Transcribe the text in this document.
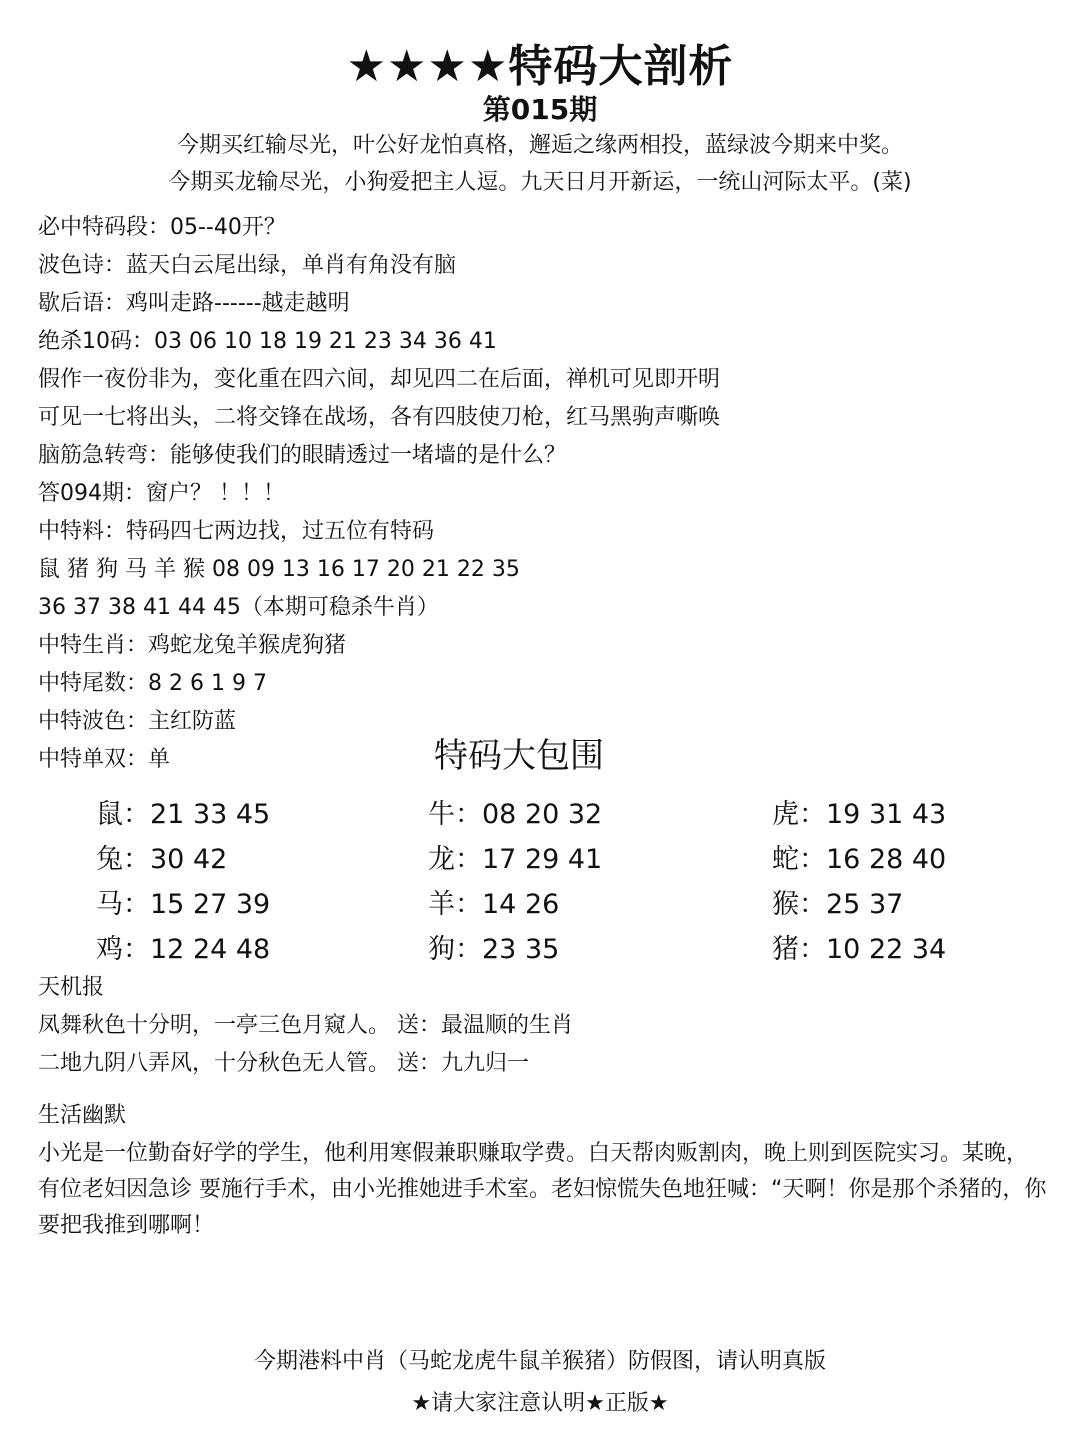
★★★★特码大剖析
第015期
今期买红输尽光，叶公好龙怕真格，邂逅之缘两相投，蓝绿波今期来中奖。
今期买龙输尽光，小狗爱把主人逗。九天日月开新运，一统山河际太平。(菜)
必中特码段：05--40开？
波色诗：蓝天白云尾出绿，单肖有角没有脑
歇后语：鸡叫走路------越走越明
绝杀10码：03 06 10 18 19 21 23 34 36 41
假作一夜份非为，变化重在四六间，却见四二在后面，禅机可见即开明
可见一七将出头，二将交锋在战场，各有四肢使刀枪，红马黑驹声嘶唤
脑筋急转弯：能够使我们的眼睛透过一堵墙的是什么？
答094期：窗户？ ！！！
中特料：特码四七两边找，过五位有特码
鼠 猪 狗 马 羊 猴 08 09 13 16 17 20 21 22 35
36 37 38 41 44 45（本期可稳杀牛肖）
中特生肖：鸡蛇龙兔羊猴虎狗猪
中特尾数：8 2 6 1 9 7
中特波色：主红防蓝
中特单双：单	特码大包围
鼠：21 33 45	牛：08 20 32	虎：19 31 43
兔：30 42	龙：17 29 41	蛇：16 28 40
马：15 27 39	羊：14 26	猴：25 37
鸡：12 24 48	狗：23 35	猪：10 22 34
天机报
凤舞秋色十分明，一亭三色月窥人。 送：最温顺的生肖
二地九阴八弄风，十分秋色无人管。 送：九九归一
生活幽默
小光是一位勤奋好学的学生，他利用寒假兼职赚取学费。白天帮肉贩割肉，晚上则到医院实习。某晚，有位老妇因急诊 要施行手术，由小光推她进手术室。老妇惊慌失色地狂喊：“天啊！你是那个杀猪的，你要把我推到哪啊！
今期港料中肖（马蛇龙虎牛鼠羊猴猪）防假图，请认明真版
★请大家注意认明★正版★
